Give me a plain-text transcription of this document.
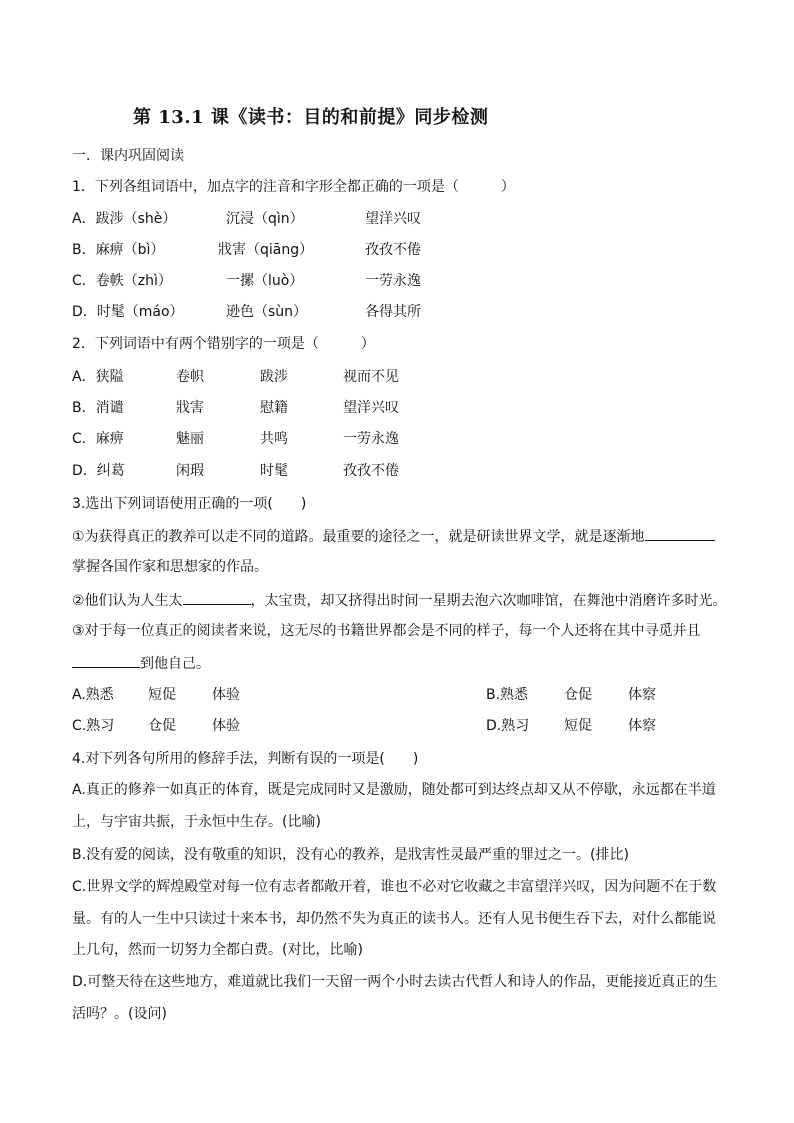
第 13.1 课《读书：目的和前提》同步检测
一．课内巩固阅读
1．下列各组词语中，加点字的注音和字形全都正确的一项是（　　　）
A．跋涉（shè）	沉浸（qìn）	望洋兴叹
B．麻痹（bì）	戕害（qiāng）	孜孜不倦
C．卷帙（zhì）	一摞（luò）	一劳永逸
D．时髦（máo）	逊色（sùn）	各得其所
2．下列词语中有两个错别字的一项是（　　　）
A．狭隘	卷帜	跋涉	视而不见
B．消谴	戕害	慰籍	望洋兴叹
C．麻痹	魅丽	共鸣	一劳永逸
D．纠葛	闲瑕	时髦	孜孜不倦
3.选出下列词语使用正确的一项(　　)
①为获得真正的教养可以走不同的道路。最重要的途径之一，就是研读世界文学，就是逐渐地
掌握各国作家和思想家的作品。
②他们认为人生太	，太宝贵，却又挤得出时间一星期去泡六次咖啡馆，在舞池中消磨许多时光。
③对于每一位真正的阅读者来说，这无尽的书籍世界都会是不同的样子，每一个人还将在其中寻觅并且
到他自己。
A.熟悉 短促	体验	B.熟悉	仓促	体察
C.熟习 仓促	体验	D.熟习 短促	体察
4.对下列各句所用的修辞手法，判断有误的一项是(　　)
A.真正的修养一如真正的体育，既是完成同时又是激励，随处都可到达终点却又从不停歇，永远都在半道
上，与宇宙共振，于永恒中生存。(比喻)
B.没有爱的阅读，没有敬重的知识，没有心的教养，是戕害性灵最严重的罪过之一。(排比)
C.世界文学的辉煌殿堂对每一位有志者都敞开着，谁也不必对它收藏之丰富望洋兴叹，因为问题不在于数
量。有的人一生中只读过十来本书，却仍然不失为真正的读书人。还有人见书便生吞下去，对什么都能说
上几句，然而一切努力全都白费。(对比，比喻)
D.可整天待在这些地方，难道就比我们一天留一两个小时去读古代哲人和诗人的作品，更能接近真正的生
活吗？。(设问)
